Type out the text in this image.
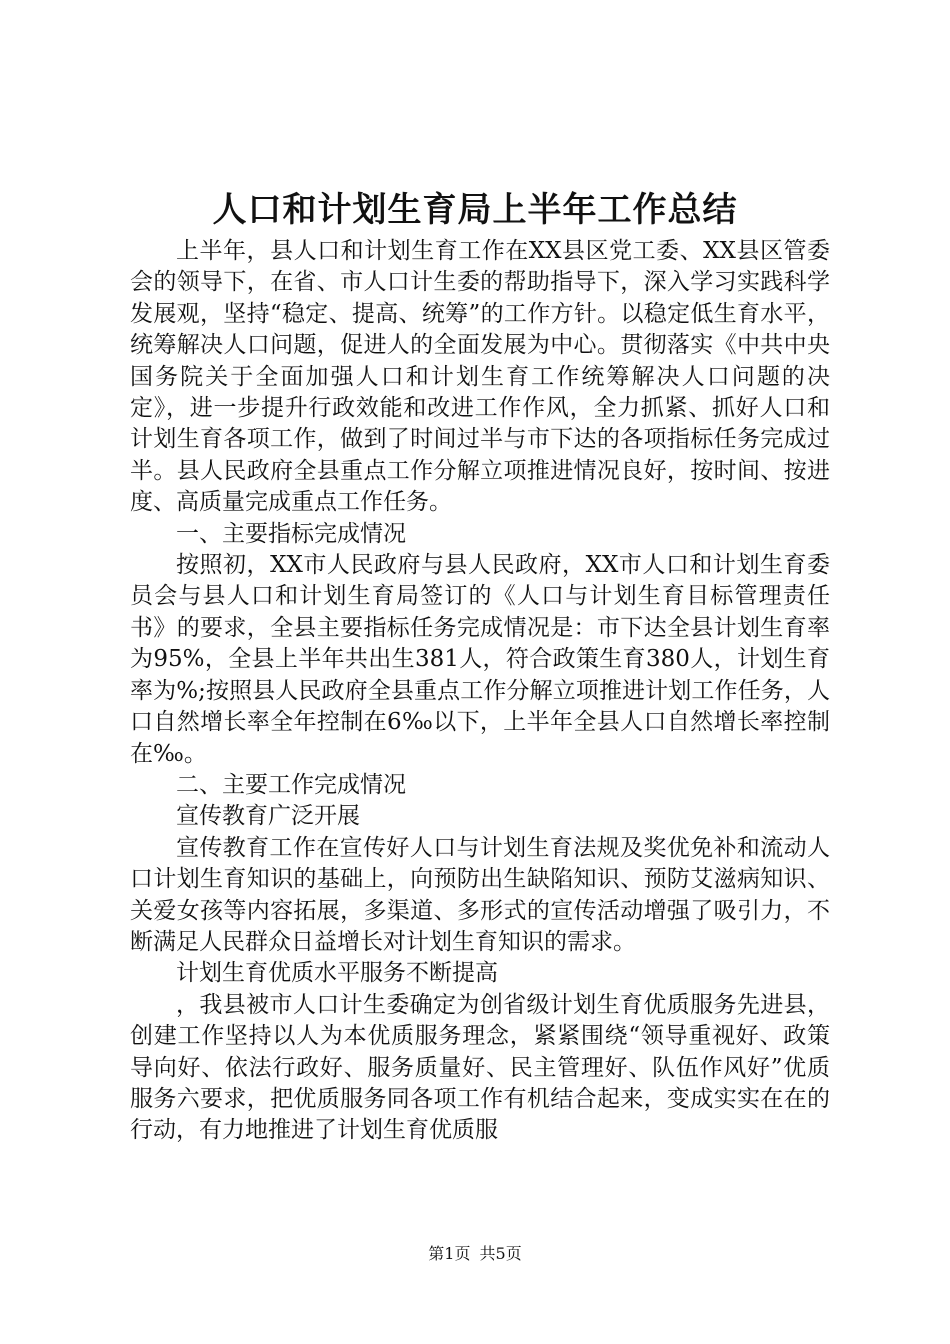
人口和计划生育局上半年工作总结

上半年，县人口和计划生育工作在XX县区党工委、XX县区管委会的领导下，在省、市人口计生委的帮助指导下，深入学习实践科学发展观，坚持“稳定、提高、统筹”的工作方针。以稳定低生育水平，统筹解决人口问题，促进人的全面发展为中心。贯彻落实《中共中央国务院关于全面加强人口和计划生育工作统筹解决人口问题的决定》，进一步提升行政效能和改进工作作风，全力抓紧、抓好人口和计划生育各项工作，做到了时间过半与市下达的各项指标任务完成过半。县人民政府全县重点工作分解立项推进情况良好，按时间、按进度、高质量完成重点工作任务。

一、主要指标完成情况

按照初，XX市人民政府与县人民政府，XX市人口和计划生育委员会与县人口和计划生育局签订的《人口与计划生育目标管理责任书》的要求，全县主要指标任务完成情况是：市下达全县计划生育率为95%，全县上半年共出生381人，符合政策生育380人，计划生育率为%;按照县人民政府全县重点工作分解立项推进计划工作任务，人口自然增长率全年控制在6‰以下，上半年全县人口自然增长率控制在‰。

二、主要工作完成情况

宣传教育广泛开展

宣传教育工作在宣传好人口与计划生育法规及奖优免补和流动人口计划生育知识的基础上，向预防出生缺陷知识、预防艾滋病知识、关爱女孩等内容拓展，多渠道、多形式的宣传活动增强了吸引力，不断满足人民群众日益增长对计划生育知识的需求。

计划生育优质水平服务不断提高

，我县被市人口计生委确定为创省级计划生育优质服务先进县，创建工作坚持以人为本优质服务理念，紧紧围绕“领导重视好、政策导向好、依法行政好、服务质量好、民主管理好、队伍作风好”优质服务六要求，把优质服务同各项工作有机结合起来，变成实实在在的行动，有力地推进了计划生育优质服

第1页 共5页
